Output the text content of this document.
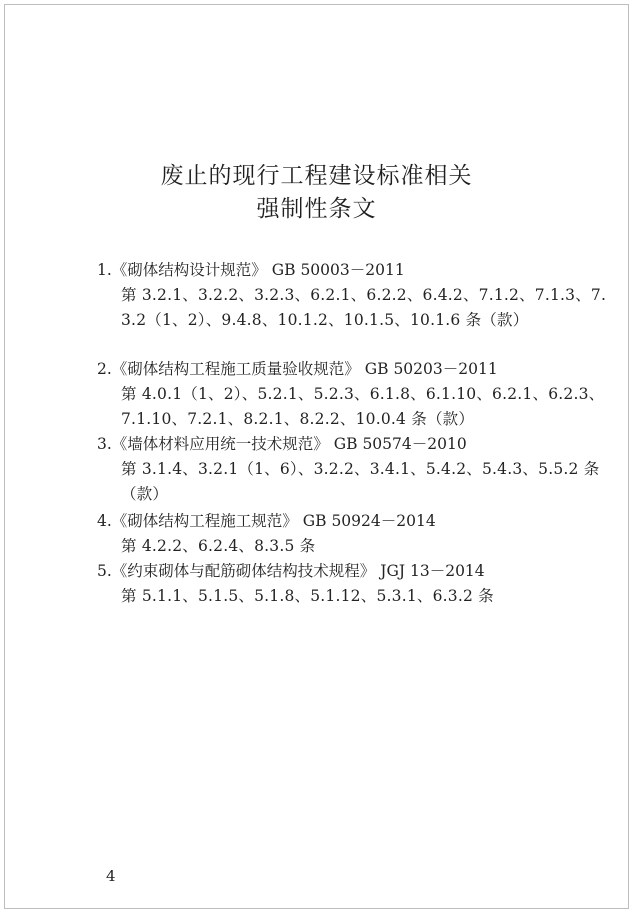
废止的现行工程建设标准相关
强制性条文
1.《砌体结构设计规范》 GB 50003－2011
第 3.2.1、3.2.2、3.2.3、6.2.1、6.2.2、6.4.2、7.1.2、7.1.3、7.3.2（1、2）、9.4.8、10.1.2、10.1.5、10.1.6 条（款）
2.《砌体结构工程施工质量验收规范》 GB 50203－2011
第 4.0.1（1、2）、5.2.1、5.2.3、6.1.8、6.1.10、6.2.1、6.2.3、7.1.10、7.2.1、8.2.1、8.2.2、10.0.4 条（款）
3.《墙体材料应用统一技术规范》 GB 50574－2010
第 3.1.4、3.2.1（1、6）、3.2.2、3.4.1、5.4.2、5.4.3、5.5.2 条（款）
4.《砌体结构工程施工规范》 GB 50924－2014
第 4.2.2、6.2.4、8.3.5 条
5.《约束砌体与配筋砌体结构技术规程》 JGJ 13－2014
第 5.1.1、5.1.5、5.1.8、5.1.12、5.3.1、6.3.2 条
4
